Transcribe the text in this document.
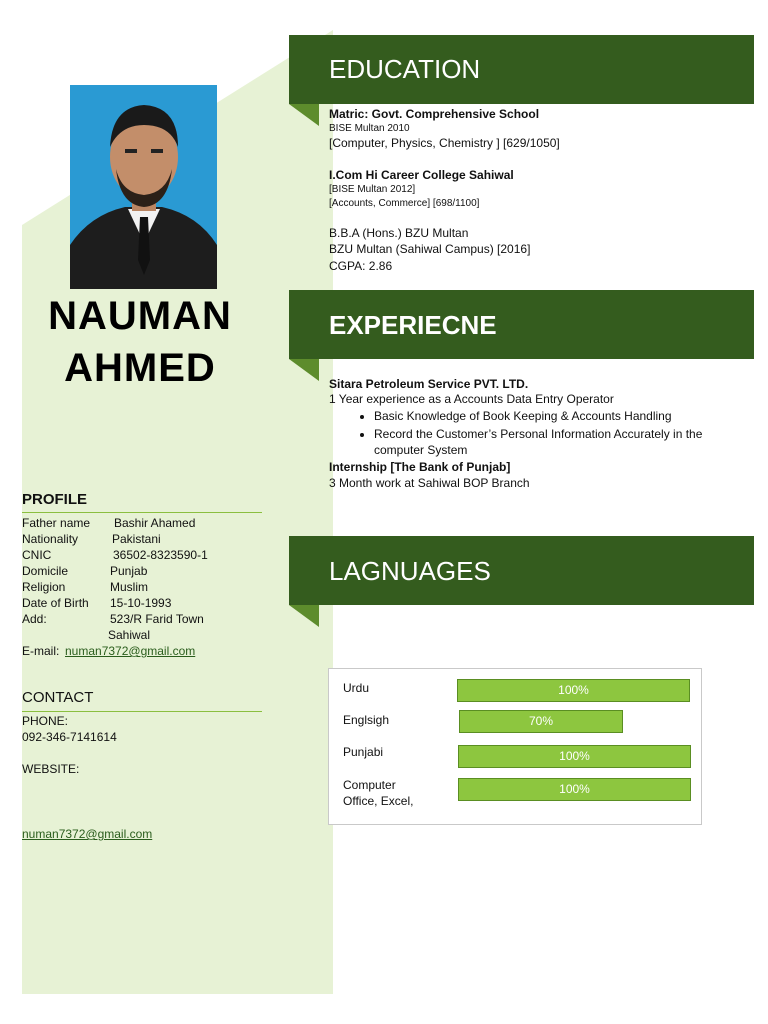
NAUMAN
AHMED
PROFILE
Father name Bashir Ahamed
Nationality	Pakistani
CNIC	36502-8323590-1
Domicile	Punjab
Religion	Muslim
Date of Birth 15-10-1993
Add:	523/R Farid Town
Sahiwal
E-mail: numan7372@gmail.com
CONTACT
PHONE:
092-346-7141614
WEBSITE:
numan7372@gmail.com
EDUCATION
Matric: Govt. Comprehensive School
BISE Multan 2010
[Computer, Physics, Chemistry ] [629/1050]
I.Com Hi Career College Sahiwal
[BISE Multan 2012]
[Accounts, Commerce] [698/1100]
B.B.A (Hons.) BZU Multan
BZU Multan (Sahiwal Campus) [2016]
CGPA: 2.86
EXPERIECNE
Sitara Petroleum Service PVT. LTD.
1 Year experience as a Accounts Data Entry Operator
• Basic Knowledge of Book Keeping & Accounts Handling
• Record the Customer’s Personal Information Accurately in the computer System
Internship [The Bank of Punjab]
3 Month work at Sahiwal BOP Branch
LAGNUAGES
Urdu	100%
Englsigh	70%
Punjabi	100%
Computer Office, Excel,
100%
